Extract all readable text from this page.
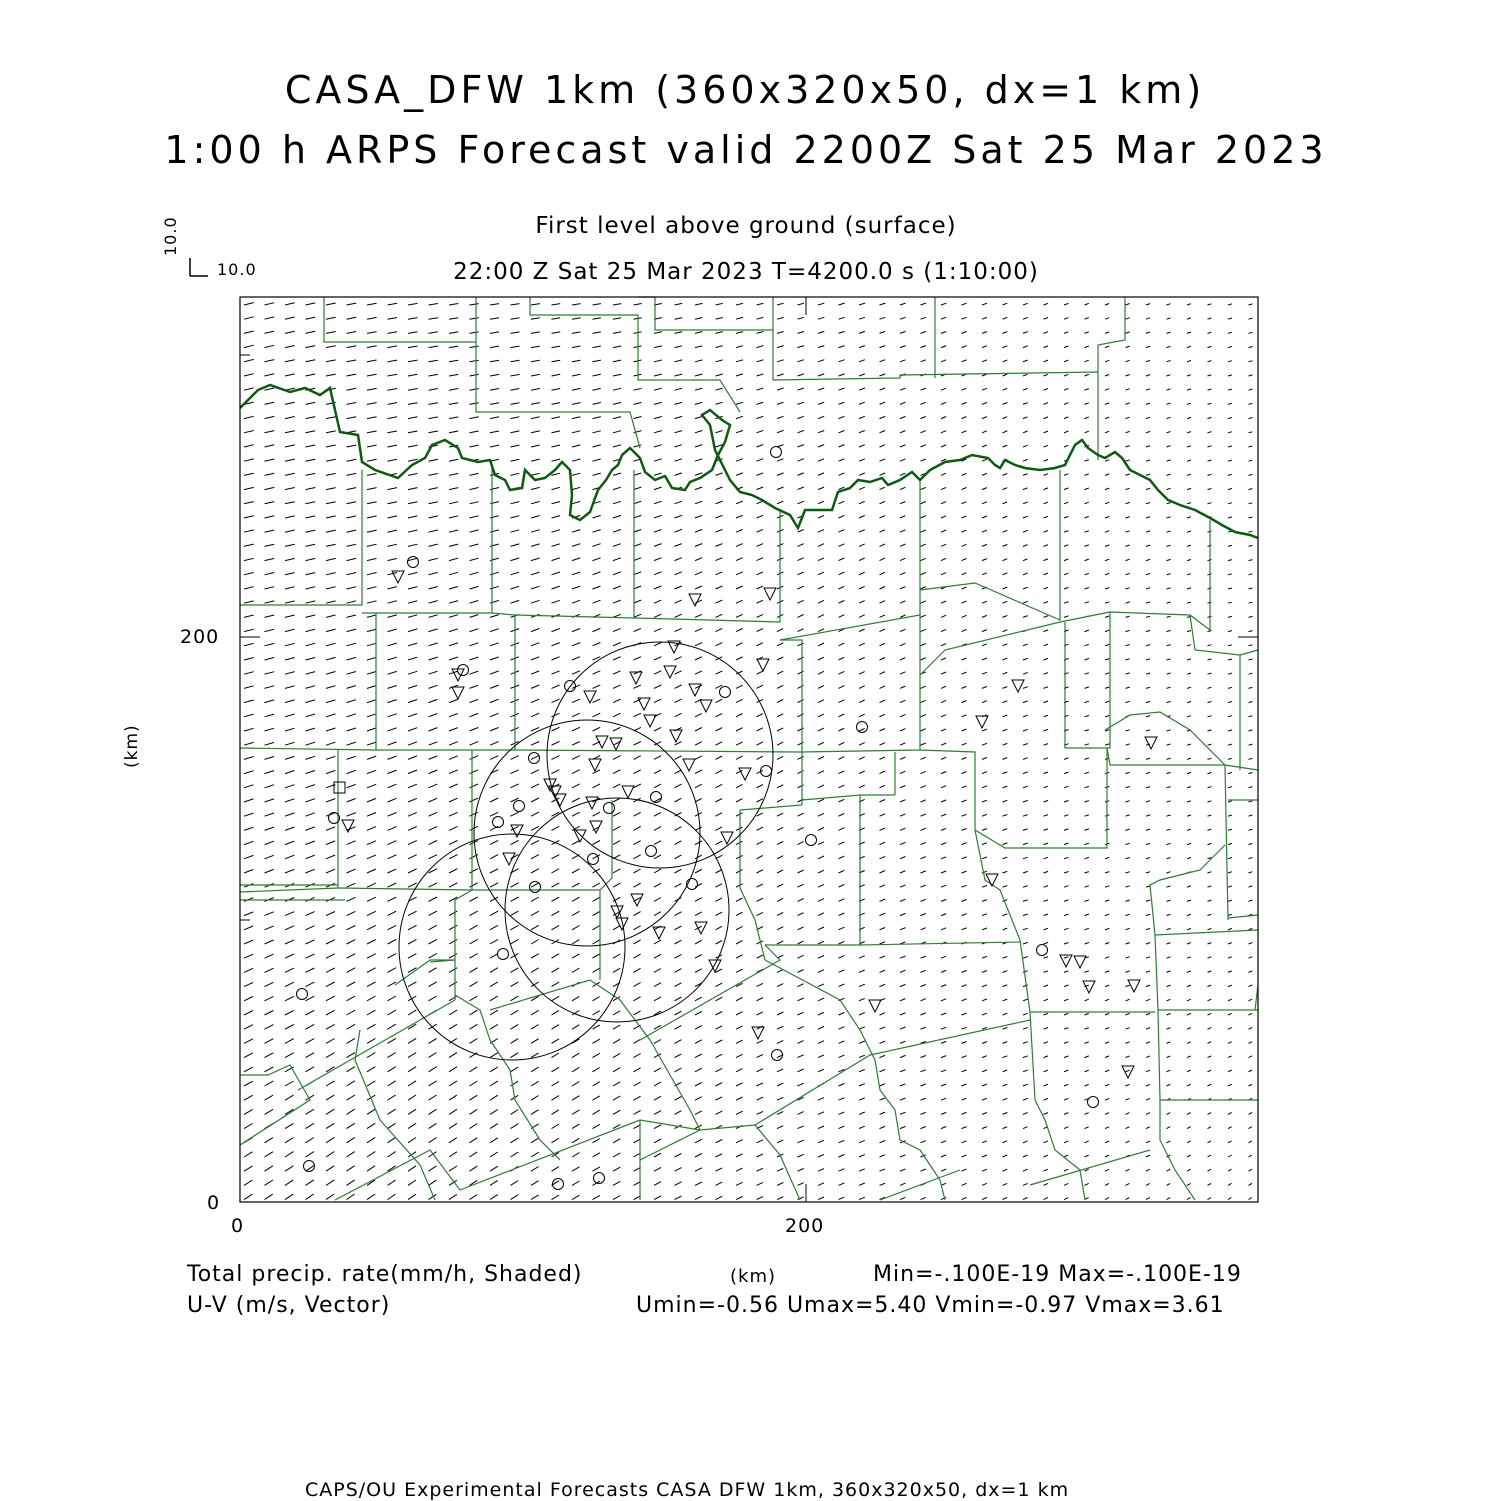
CASA_DFW 1km (360x320x50, dx=1 km)
1:00 h ARPS Forecast valid 2200Z Sat 25 Mar 2023
First level above ground (surface)
22:00 Z Sat 25 Mar 2023 T=4200.0 s (1:10:00)
10.0
10.0
200
0
0	200
(km)
(km)
Total precip. rate(mm/h, Shaded)	Min=-.100E-19 Max=-.100E-19
U-V (m/s, Vector)	Umin=-0.56 Umax=5.40 Vmin=-0.97 Vmax=3.61
CAPS/OU Experimental Forecasts CASA DFW 1km, 360x320x50, dx=1 km
